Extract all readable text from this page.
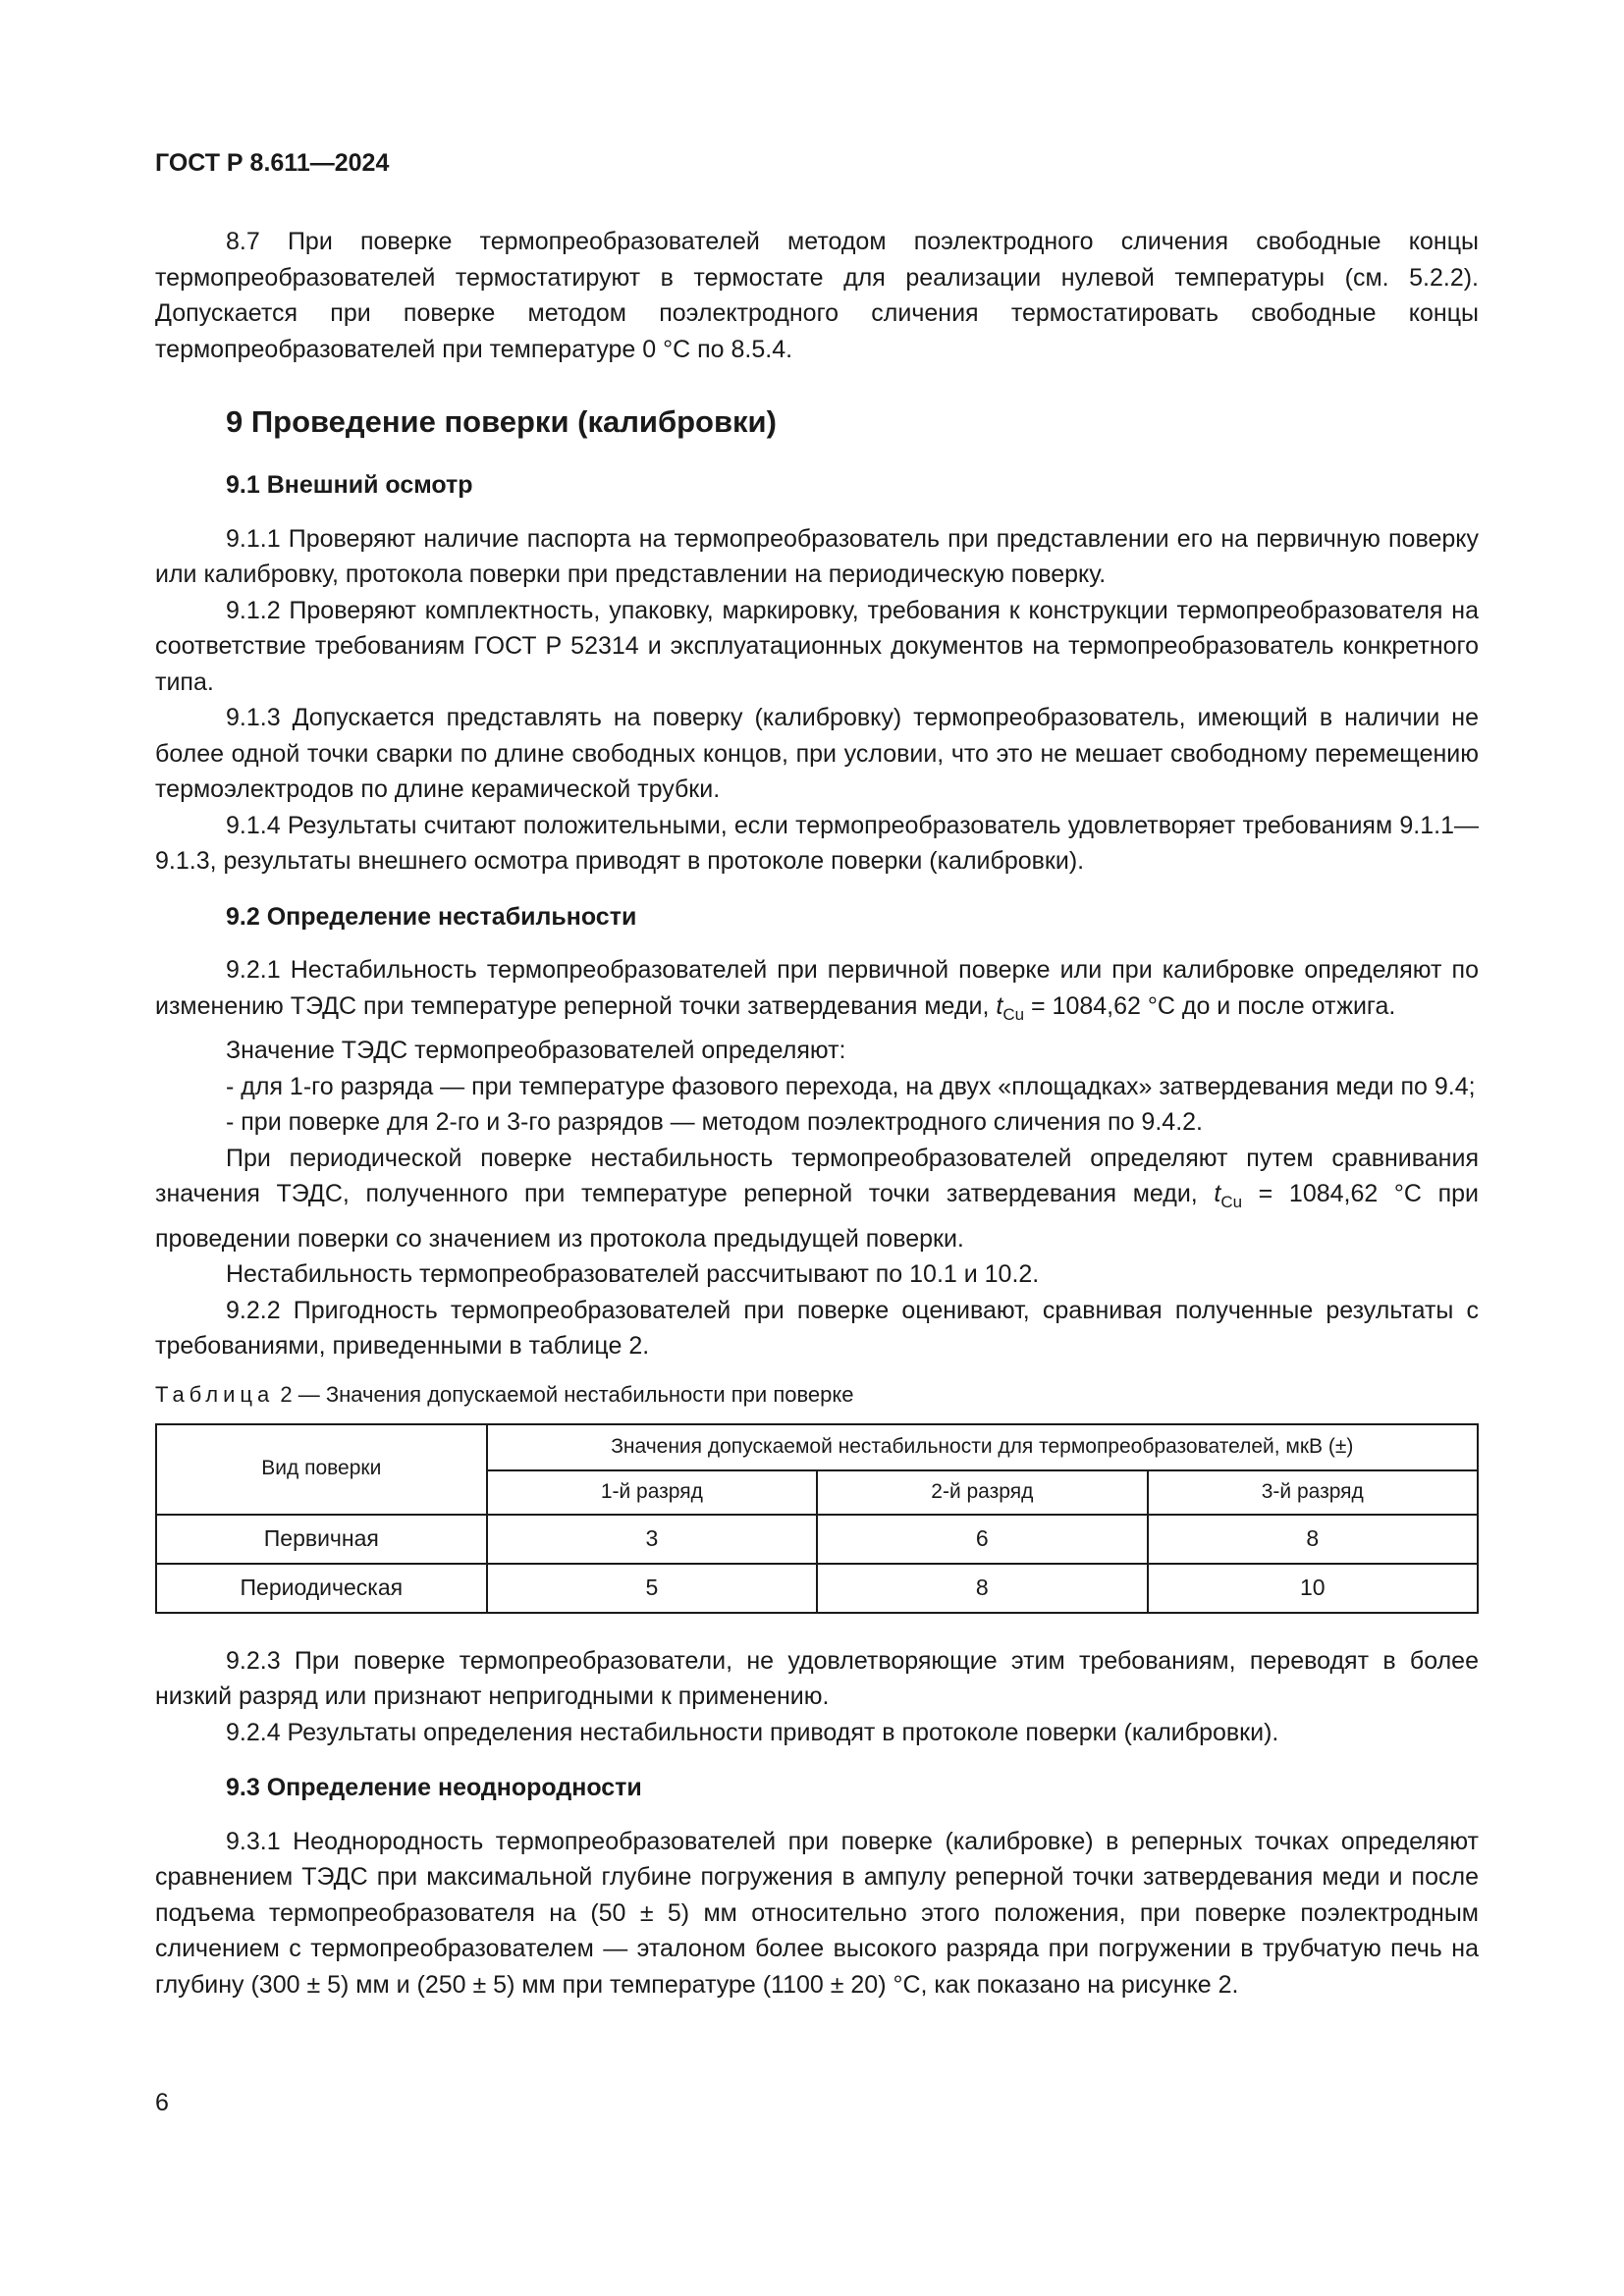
ГОСТ Р 8.611—2024

8.7 При поверке термопреобразователей методом поэлектродного сличения свободные концы термопреобразователей термостатируют в термостате для реализации нулевой температуры (см. 5.2.2). Допускается при поверке методом поэлектродного сличения термостатировать свободные концы термопреобразователей при температуре 0 °С по 8.5.4.

9 Проведение поверки (калибровки)
9.1 Внешний осмотр

9.1.1 Проверяют наличие паспорта на термопреобразователь при представлении его на первичную поверку или калибровку, протокола поверки при представлении на периодическую поверку.

9.1.2 Проверяют комплектность, упаковку, маркировку, требования к конструкции термопреобразователя на соответствие требованиям ГОСТ Р 52314 и эксплуатационных документов на термопреобразователь конкретного типа.

9.1.3 Допускается представлять на поверку (калибровку) термопреобразователь, имеющий в наличии не более одной точки сварки по длине свободных концов, при условии, что это не мешает свободному перемещению термоэлектродов по длине керамической трубки.

9.1.4 Результаты считают положительными, если термопреобразователь удовлетворяет требованиям 9.1.1—9.1.3, результаты внешнего осмотра приводят в протоколе поверки (калибровки).

9.2 Определение нестабильности

9.2.1 Нестабильность термопреобразователей при первичной поверке или при калибровке определяют по изменению ТЭДС при температуре реперной точки затвердевания меди, $t_{Cu} = 1084,62$ °С до и после отжига.

Значение ТЭДС термопреобразователей определяют:

- для 1-го разряда — при температуре фазового перехода, на двух «площадках» затвердевания меди по 9.4;

- при поверке для 2-го и 3-го разрядов — методом поэлектродного сличения по 9.4.2.

При периодической поверке нестабильность термопреобразователей определяют путем сравнивания значения ТЭДС, полученного при температуре реперной точки затвердевания меди, $t_{Cu} = 1084,62$ °С при проведении поверки со значением из протокола предыдущей поверки.

Нестабильность термопреобразователей рассчитывают по 10.1 и 10.2.

9.2.2 Пригодность термопреобразователей при поверке оценивают, сравнивая полученные результаты с требованиями, приведенными в таблице 2.

Таблица 2 — Значения допускаемой нестабильности при поверке
Вид поверки	Значения допускаемой нестабильности для термопреобразователей, мкВ (±)		
	1-й разряд	2-й разряд	3-й разряд
Первичная	3	6	8
Периодическая	5	8	10

9.2.3 При поверке термопреобразователи, не удовлетворяющие этим требованиям, переводят в более низкий разряд или признают непригодными к применению.

9.2.4 Результаты определения нестабильности приводят в протоколе поверки (калибровки).

9.3 Определение неоднородности

9.3.1 Неоднородность термопреобразователей при поверке (калибровке) в реперных точках определяют сравнением ТЭДС при максимальной глубине погружения в ампулу реперной точки затвердевания меди и после подъема термопреобразователя на (50 ± 5) мм относительно этого положения, при поверке поэлектродным сличением с термопреобразователем — эталоном более высокого разряда при погружении в трубчатую печь на глубину (300 ± 5) мм и (250 ± 5) мм при температуре (1100 ± 20) °С, как показано на рисунке 2.

6
